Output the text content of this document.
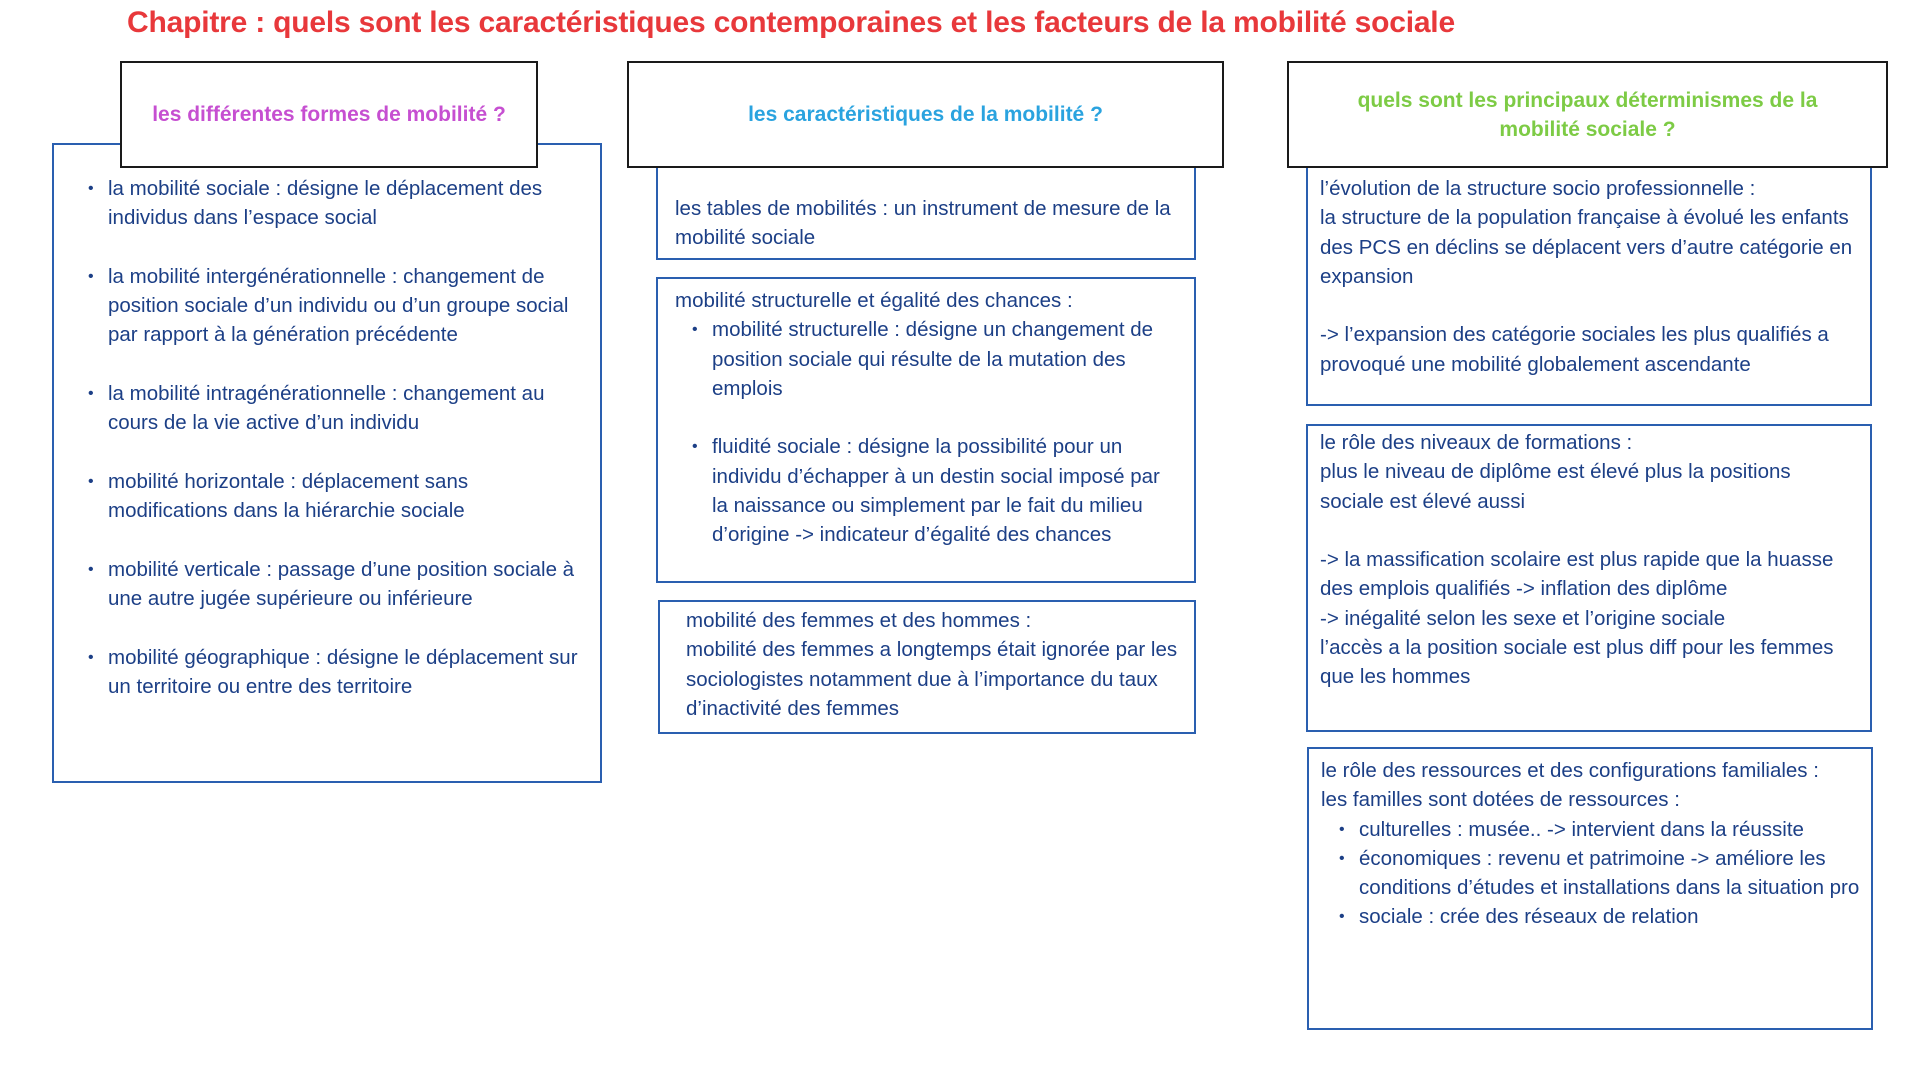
Chapitre : quels sont les caractéristiques contemporaines et les facteurs de la mobilité sociale
les différentes formes de mobilité ?
• la mobilité sociale : désigne le déplacement des individus dans l’espace social
• la mobilité intergénérationnelle : changement de position sociale d’un individu ou d’un groupe social par rapport à la génération précédente
• la mobilité intragénérationnelle : changement au cours de la vie active d’un individu
• mobilité horizontale : déplacement sans modifications dans la hiérarchie sociale
• mobilité verticale : passage d’une position sociale à une autre jugée supérieure ou inférieure
• mobilité géographique : désigne le déplacement sur un territoire ou entre des territoire
les caractéristiques de la mobilité ?

les tables de mobilités : un instrument de mesure de la mobilité sociale

mobilité structurelle et égalité des chances :

• mobilité structurelle : désigne un changement de position sociale qui résulte de la mutation des emplois
• fluidité sociale : désigne la possibilité pour un individu d’échapper à un destin social imposé par la naissance ou simplement par le fait du milieu d’origine -> indicateur d’égalité des chances

mobilité des femmes et des hommes :

mobilité des femmes a longtemps était ignorée par les sociologistes notamment due à l’importance du taux d’inactivité des femmes

quels sont les principaux déterminismes de la mobilité sociale ?

l’évolution de la structure socio professionnelle :

la structure de la population française à évolué les enfants des PCS en déclins se déplacent vers d’autre catégorie en expansion

-> l’expansion des catégorie sociales les plus qualifiés a provoqué une mobilité globalement ascendante

le rôle des niveaux de formations :

plus le niveau de diplôme est élevé plus la positions sociale est élevé aussi

-> la massification scolaire est plus rapide que la huasse des emplois qualifiés -> inflation des diplôme

-> inégalité selon les sexe et l’origine sociale

l’accès a la position sociale est plus diff pour les femmes que les hommes

le rôle des ressources et des configurations familiales :

les familles sont dotées de ressources :

• culturelles : musée.. -> intervient dans la réussite
• économiques : revenu et patrimoine -> améliore les conditions d’études et installations dans la situation pro
• sociale : crée des réseaux de relation
